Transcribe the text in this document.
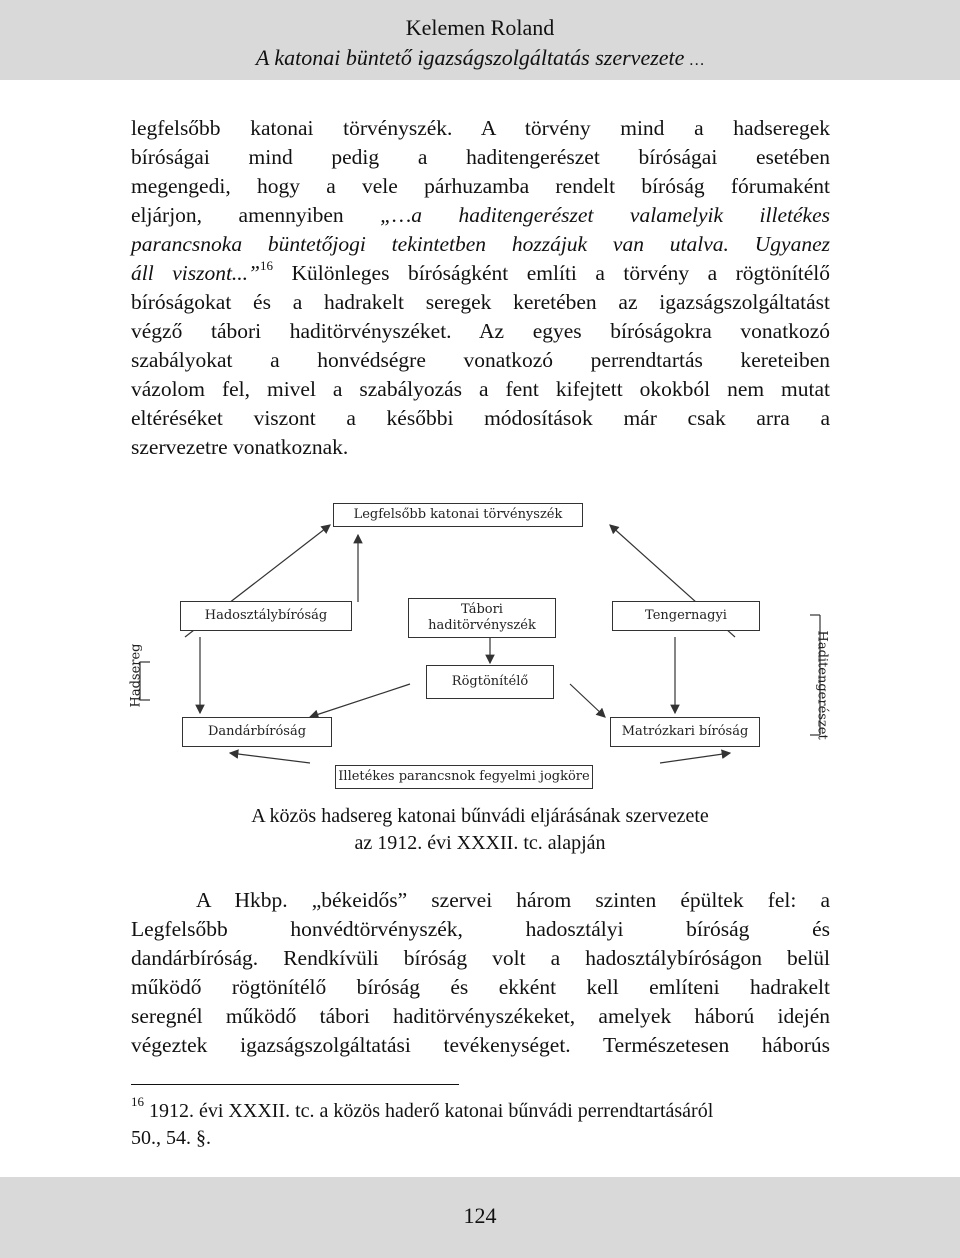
Kelemen Roland
A katonai büntető igazságszolgáltatás szervezete …
legfelsőbb katonai törvényszék. A törvény mind a hadseregek
bíróságai mind pedig a haditengerészet bíróságai esetében
megengedi, hogy a vele párhuzamba rendelt bíróság fórumaként
eljárjon, amennyiben „…a haditengerészet valamelyik illetékes
parancsnoka büntetőjogi tekintetben hozzájuk van utalva. Ugyanez
áll viszont...”$^{16}$ Különleges bíróságként említi a törvény a rögtönítélő
bíróságokat és a hadrakelt seregek keretében az igazságszolgáltatást
végző tábori haditörvényszéket. Az egyes bíróságokra vonatkozó
szabályokat a honvédségre vonatkozó perrendtartás kereteiben
vázolom fel, mivel a szabályozás a fent kifejtett okokból nem mutat
eltéréséket viszont a későbbi módosítások már csak arra a
szervezetre vonatkoznak.
Legfelsőbb katonai törvényszék
Hadosztálybíróság	Tábori haditörvényszék
Tengernagyi
Rögtönítélő
Dandárbíróság	Matrózkari bíróság
Illetékes parancsnok fegyelmi jogköre
Hadsereg	Haditengerészet
A közös hadsereg katonai bűnvádi eljárásának szervezete
az 1912. évi XXXII. tc. alapján
A Hkbp. „békeidős” szervei három szinten épültek fel: a
Legfelsőbb honvédtörvényszék, hadosztályi bíróság és
dandárbíróság. Rendkívüli bíróság volt a hadosztálybíróságon belül
működő rögtönítélő bíróság és ekként kell említeni hadrakelt
seregnél működő tábori haditörvényszékeket, amelyek háború idején
végeztek igazságszolgáltatási tevékenységet. Természetesen háborús
$^{16}$ 1912. évi XXXII. tc. a közös haderő katonai bűnvádi perrendtartásáról
50., 54. §.
124
